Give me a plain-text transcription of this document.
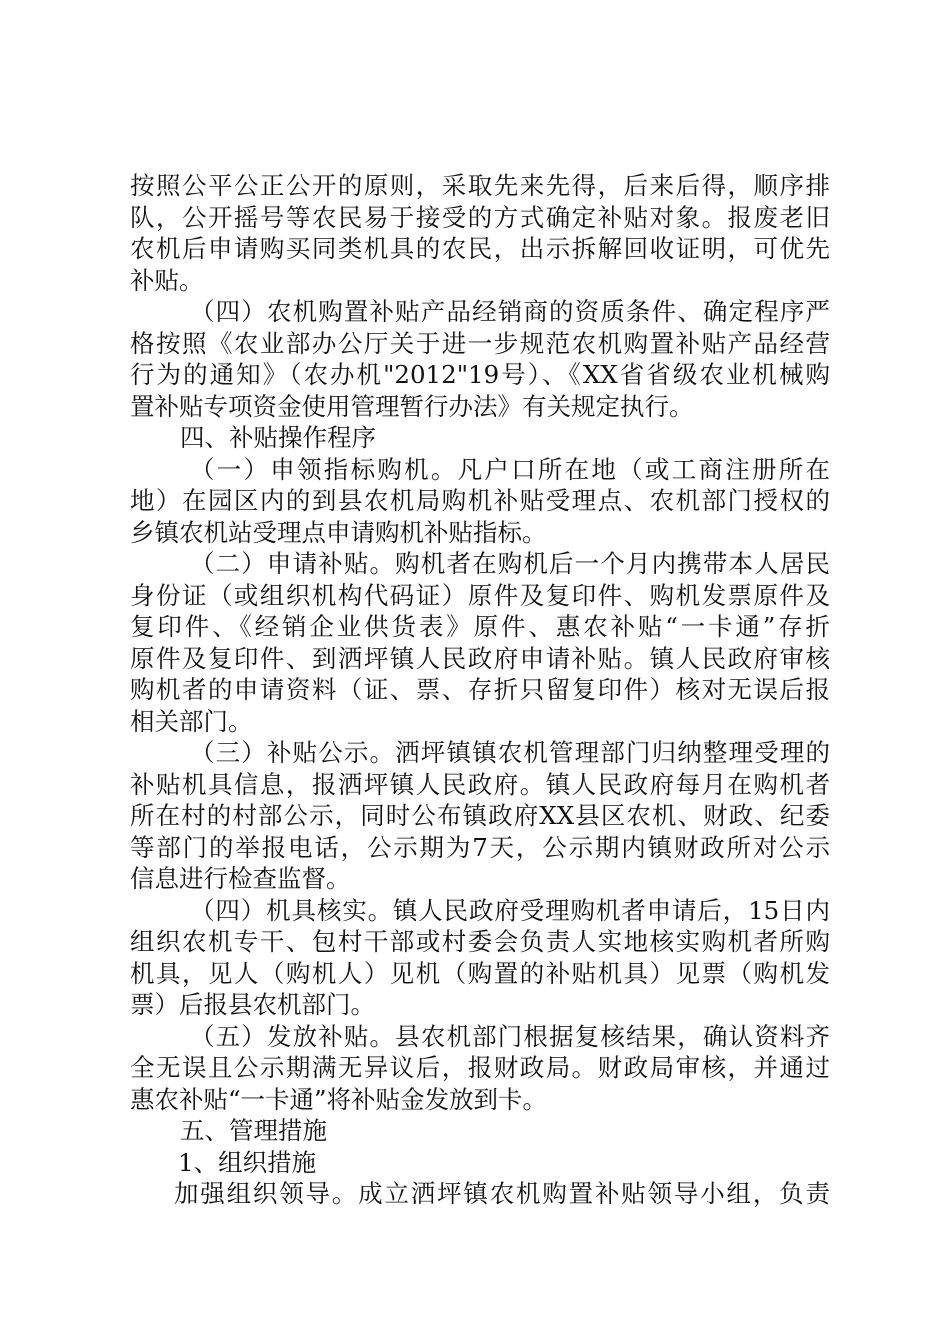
按照公平公正公开的原则，采取先来先得，后来后得，顺序排
队，公开摇号等农民易于接受的方式确定补贴对象。报废老旧
农机后申请购买同类机具的农民，出示拆解回收证明，可优先
补贴。
（四）农机购置补贴产品经销商的资质条件、确定程序严
格按照《农业部办公厅关于进一步规范农机购置补贴产品经营
行为的通知》（农办机"2012"19号）、《XX省省级农业机械购
置补贴专项资金使用管理暂行办法》有关规定执行。
四、补贴操作程序
（一）申领指标购机。凡户口所在地（或工商注册所在
地）在园区内的到县农机局购机补贴受理点、农机部门授权的
乡镇农机站受理点申请购机补贴指标。
（二）申请补贴。购机者在购机后一个月内携带本人居民
身份证（或组织机构代码证）原件及复印件、购机发票原件及
复印件、《经销企业供货表》原件、惠农补贴“一卡通”存折
原件及复印件、到洒坪镇人民政府申请补贴。镇人民政府审核
购机者的申请资料（证、票、存折只留复印件）核对无误后报
相关部门。
（三）补贴公示。洒坪镇镇农机管理部门归纳整理受理的
补贴机具信息，报洒坪镇人民政府。镇人民政府每月在购机者
所在村的村部公示，同时公布镇政府XX县区农机、财政、纪委
等部门的举报电话，公示期为7天，公示期内镇财政所对公示
信息进行检查监督。
（四）机具核实。镇人民政府受理购机者申请后，15日内
组织农机专干、包村干部或村委会负责人实地核实购机者所购
机具，见人（购机人）见机（购置的补贴机具）见票（购机发
票）后报县农机部门。
（五）发放补贴。县农机部门根据复核结果，确认资料齐
全无误且公示期满无异议后，报财政局。财政局审核，并通过
惠农补贴“一卡通”将补贴金发放到卡。
五、管理措施
1、组织措施
加强组织领导。成立洒坪镇农机购置补贴领导小组，负责
